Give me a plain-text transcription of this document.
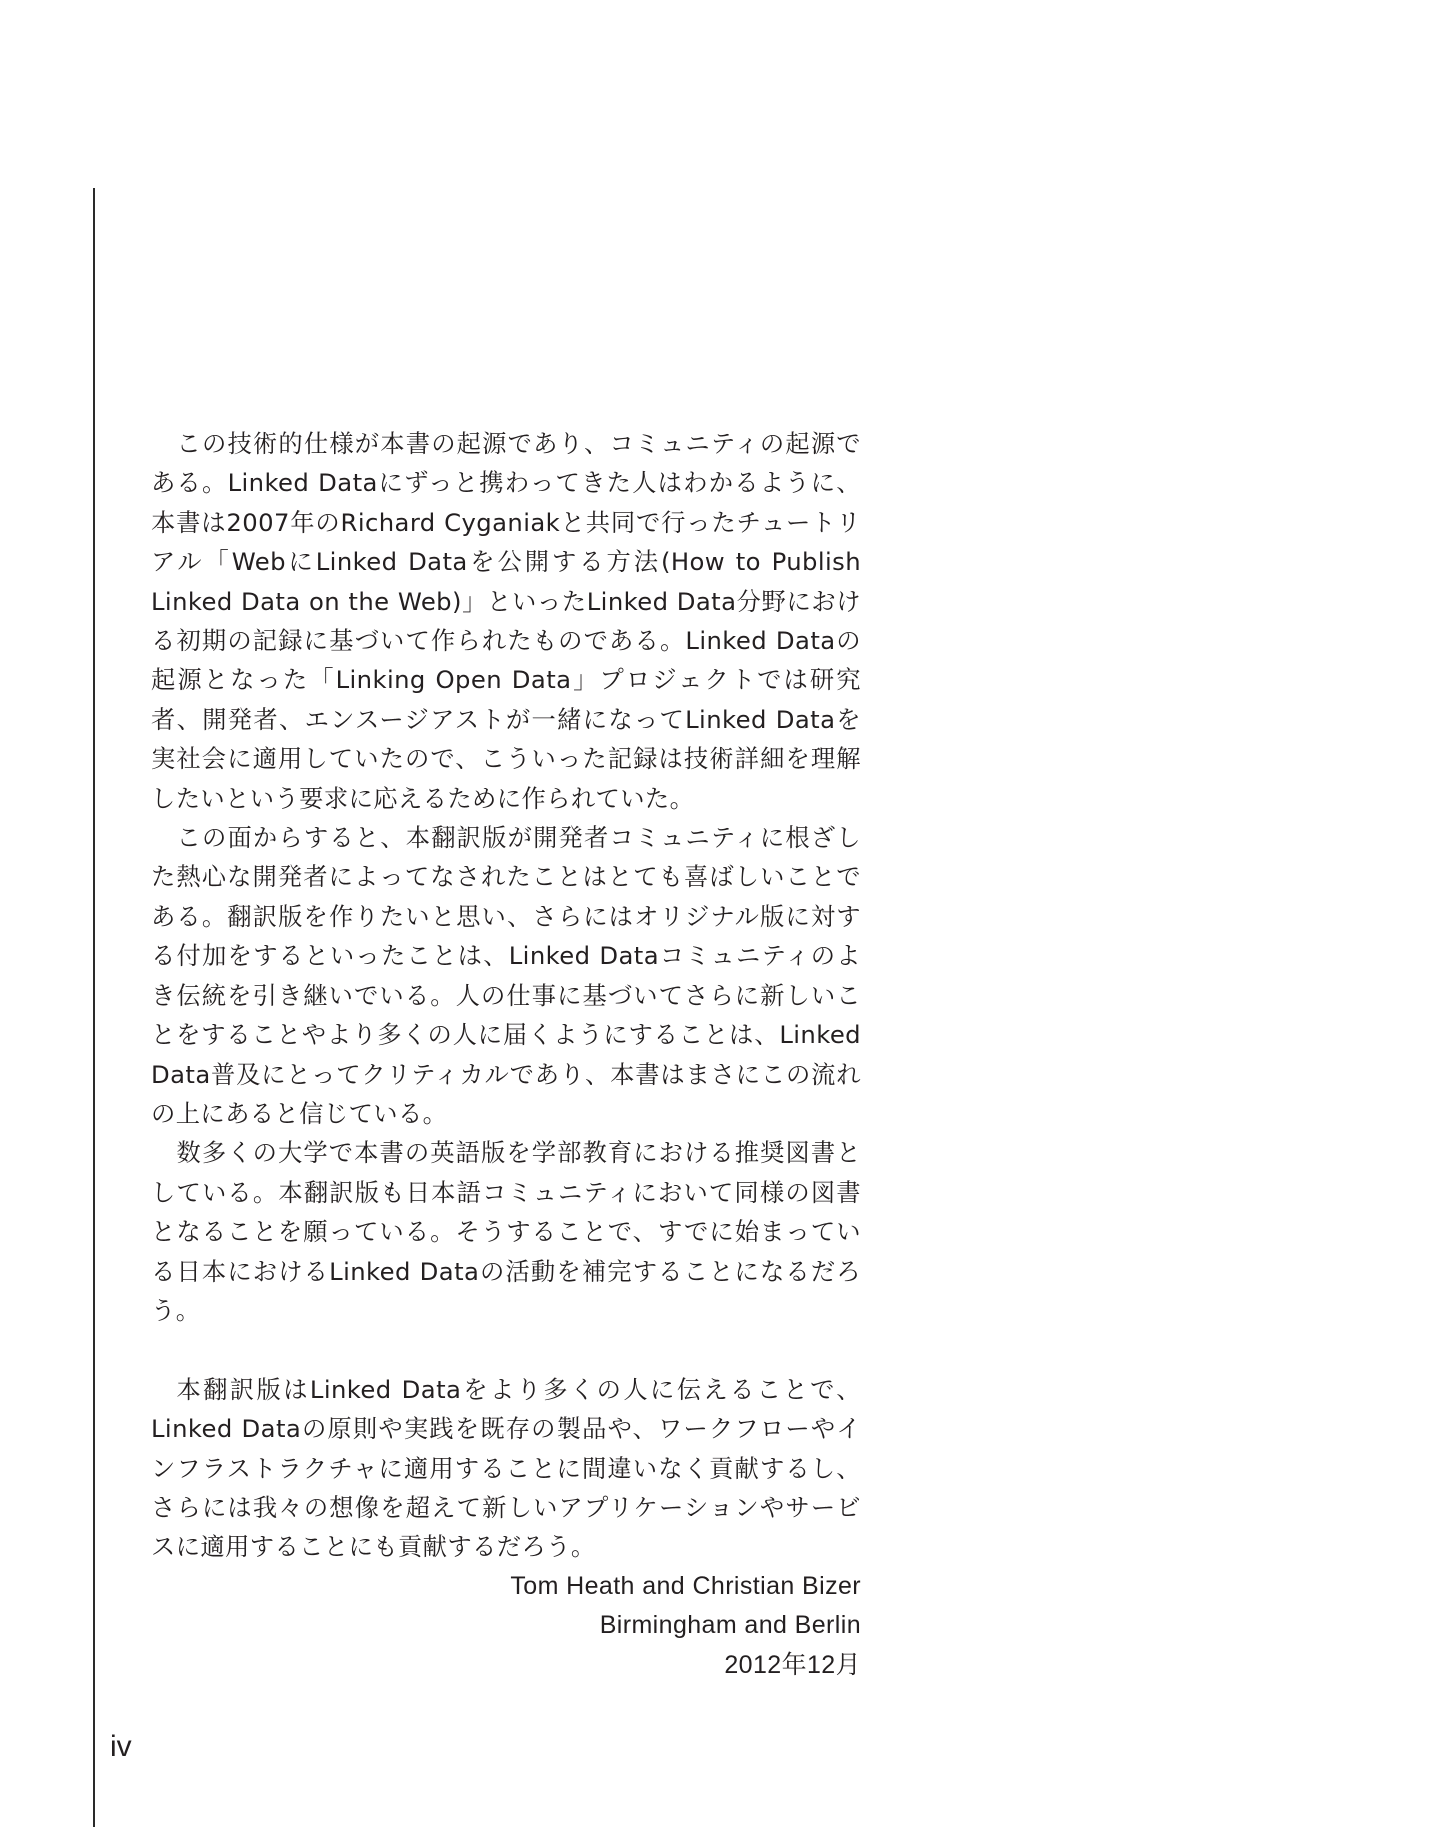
この技術的仕様が本書の起源であり、コミュニティの起源である。Linked Dataにずっと携わってきた人はわかるように、本書は2007年のRichard Cyganiakと共同で行ったチュートリアル「WebにLinked Dataを公開する方法(How to Publish Linked Data on the Web)」といったLinked Data分野における初期の記録に基づいて作られたものである。Linked Dataの起源となった「Linking Open Data」プロジェクトでは研究者、開発者、エンスージアストが一緒になってLinked Dataを実社会に適用していたので、こういった記録は技術詳細を理解したいという要求に応えるために作られていた。

この面からすると、本翻訳版が開発者コミュニティに根ざした熱心な開発者によってなされたことはとても喜ばしいことである。翻訳版を作りたいと思い、さらにはオリジナル版に対する付加をするといったことは、Linked Dataコミュニティのよき伝統を引き継いでいる。人の仕事に基づいてさらに新しいことをすることやより多くの人に届くようにすることは、Linked Data普及にとってクリティカルであり、本書はまさにこの流れの上にあると信じている。

数多くの大学で本書の英語版を学部教育における推奨図書としている。本翻訳版も日本語コミュニティにおいて同様の図書となることを願っている。そうすることで、すでに始まっている日本におけるLinked Dataの活動を補完することになるだろう。

本翻訳版はLinked Dataをより多くの人に伝えることで、Linked Dataの原則や実践を既存の製品や、ワークフローやインフラストラクチャに適用することに間違いなく貢献するし、さらには我々の想像を超えて新しいアプリケーションやサービスに適用することにも貢献するだろう。

Tom Heath and Christian Bizer
Birmingham and Berlin
2012年12月
iv
